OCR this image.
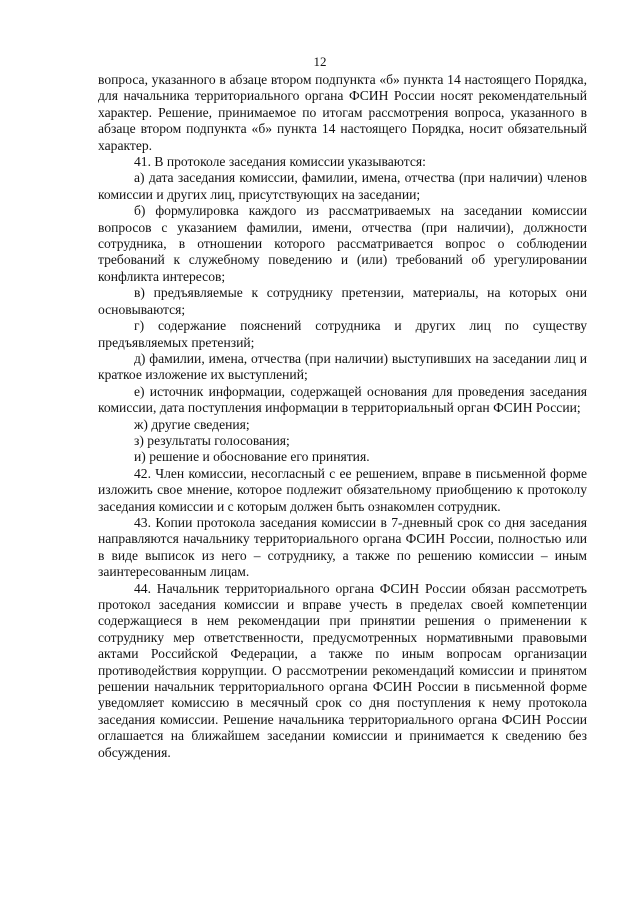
12

вопроса, указанного в абзаце втором подпункта «б» пункта 14 настоящего Порядка, для начальника территориального органа ФСИН России носят рекомендательный характер. Решение, принимаемое по итогам рассмотрения вопроса, указанного в абзаце втором подпункта «б» пункта 14 настоящего Порядка, носит обязательный характер.

41. В протоколе заседания комиссии указываются:

а) дата заседания комиссии, фамилии, имена, отчества (при наличии) членов комиссии и других лиц, присутствующих на заседании;

б) формулировка каждого из рассматриваемых на заседании комиссии вопросов с указанием фамилии, имени, отчества (при наличии), должности сотрудника, в отношении которого рассматривается вопрос о соблюдении требований к служебному поведению и (или) требований об урегулировании конфликта интересов;

в) предъявляемые к сотруднику претензии, материалы, на которых они основываются;

г) содержание пояснений сотрудника и других лиц по существу предъявляемых претензий;

д) фамилии, имена, отчества (при наличии) выступивших на заседании лиц и краткое изложение их выступлений;

е) источник информации, содержащей основания для проведения заседания комиссии, дата поступления информации в территориальный орган ФСИН России;

ж) другие сведения;

з) результаты голосования;

и) решение и обоснование его принятия.

42. Член комиссии, несогласный с ее решением, вправе в письменной форме изложить свое мнение, которое подлежит обязательному приобщению к протоколу заседания комиссии и с которым должен быть ознакомлен сотрудник.

43. Копии протокола заседания комиссии в 7-дневный срок со дня заседания направляются начальнику территориального органа ФСИН России, полностью или в виде выписок из него – сотруднику, а также по решению комиссии – иным заинтересованным лицам.

44. Начальник территориального органа ФСИН России обязан рассмотреть протокол заседания комиссии и вправе учесть в пределах своей компетенции содержащиеся в нем рекомендации при принятии решения о применении к сотруднику мер ответственности, предусмотренных нормативными правовыми актами Российской Федерации, а также по иным вопросам организации противодействия коррупции. О рассмотрении рекомендаций комиссии и принятом решении начальник территориального органа ФСИН России в письменной форме уведомляет комиссию в месячный срок со дня поступления к нему протокола заседания комиссии. Решение начальника территориального органа ФСИН России оглашается на ближайшем заседании комиссии и принимается к сведению без обсуждения.
